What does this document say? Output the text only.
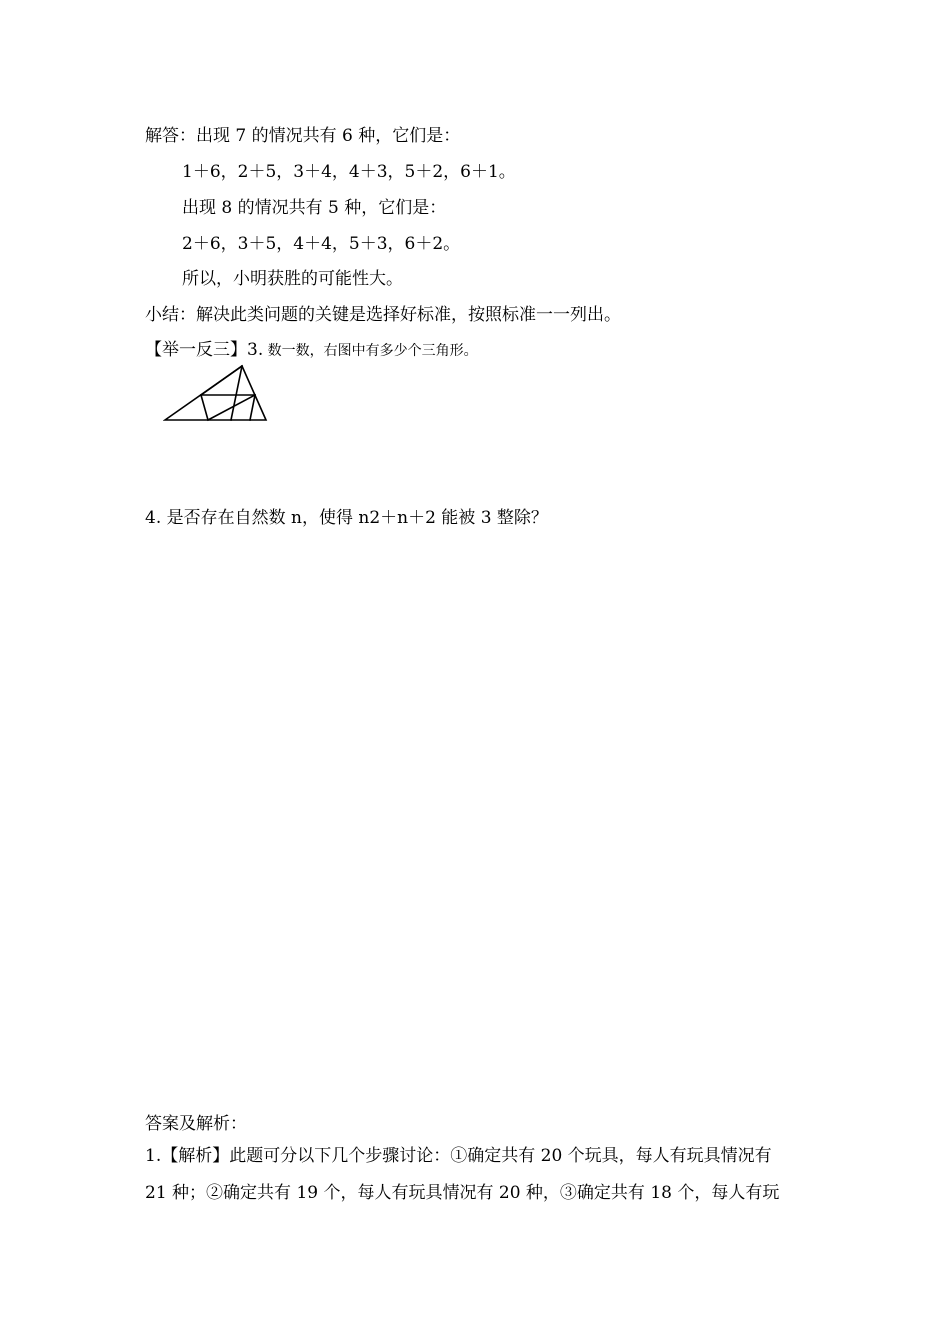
解答：出现 7 的情况共有 6 种，它们是：
1＋6，2＋5，3＋4，4＋3，5＋2，6＋1。
出现 8 的情况共有 5 种，它们是：
2＋6，3＋5，4＋4，5＋3，6＋2。
所以，小明获胜的可能性大。
小结：解决此类问题的关键是选择好标准，按照标准一一列出。
【举一反三】3. 数一数，右图中有多少个三角形。
4. 是否存在自然数 n，使得 n2＋n＋2 能被 3 整除？
答案及解析：
1.【解析】此题可分以下几个步骤讨论：①确定共有 20 个玩具，每人有玩具情况有
21 种；②确定共有 19 个，每人有玩具情况有 20 种，③确定共有 18 个，每人有玩
